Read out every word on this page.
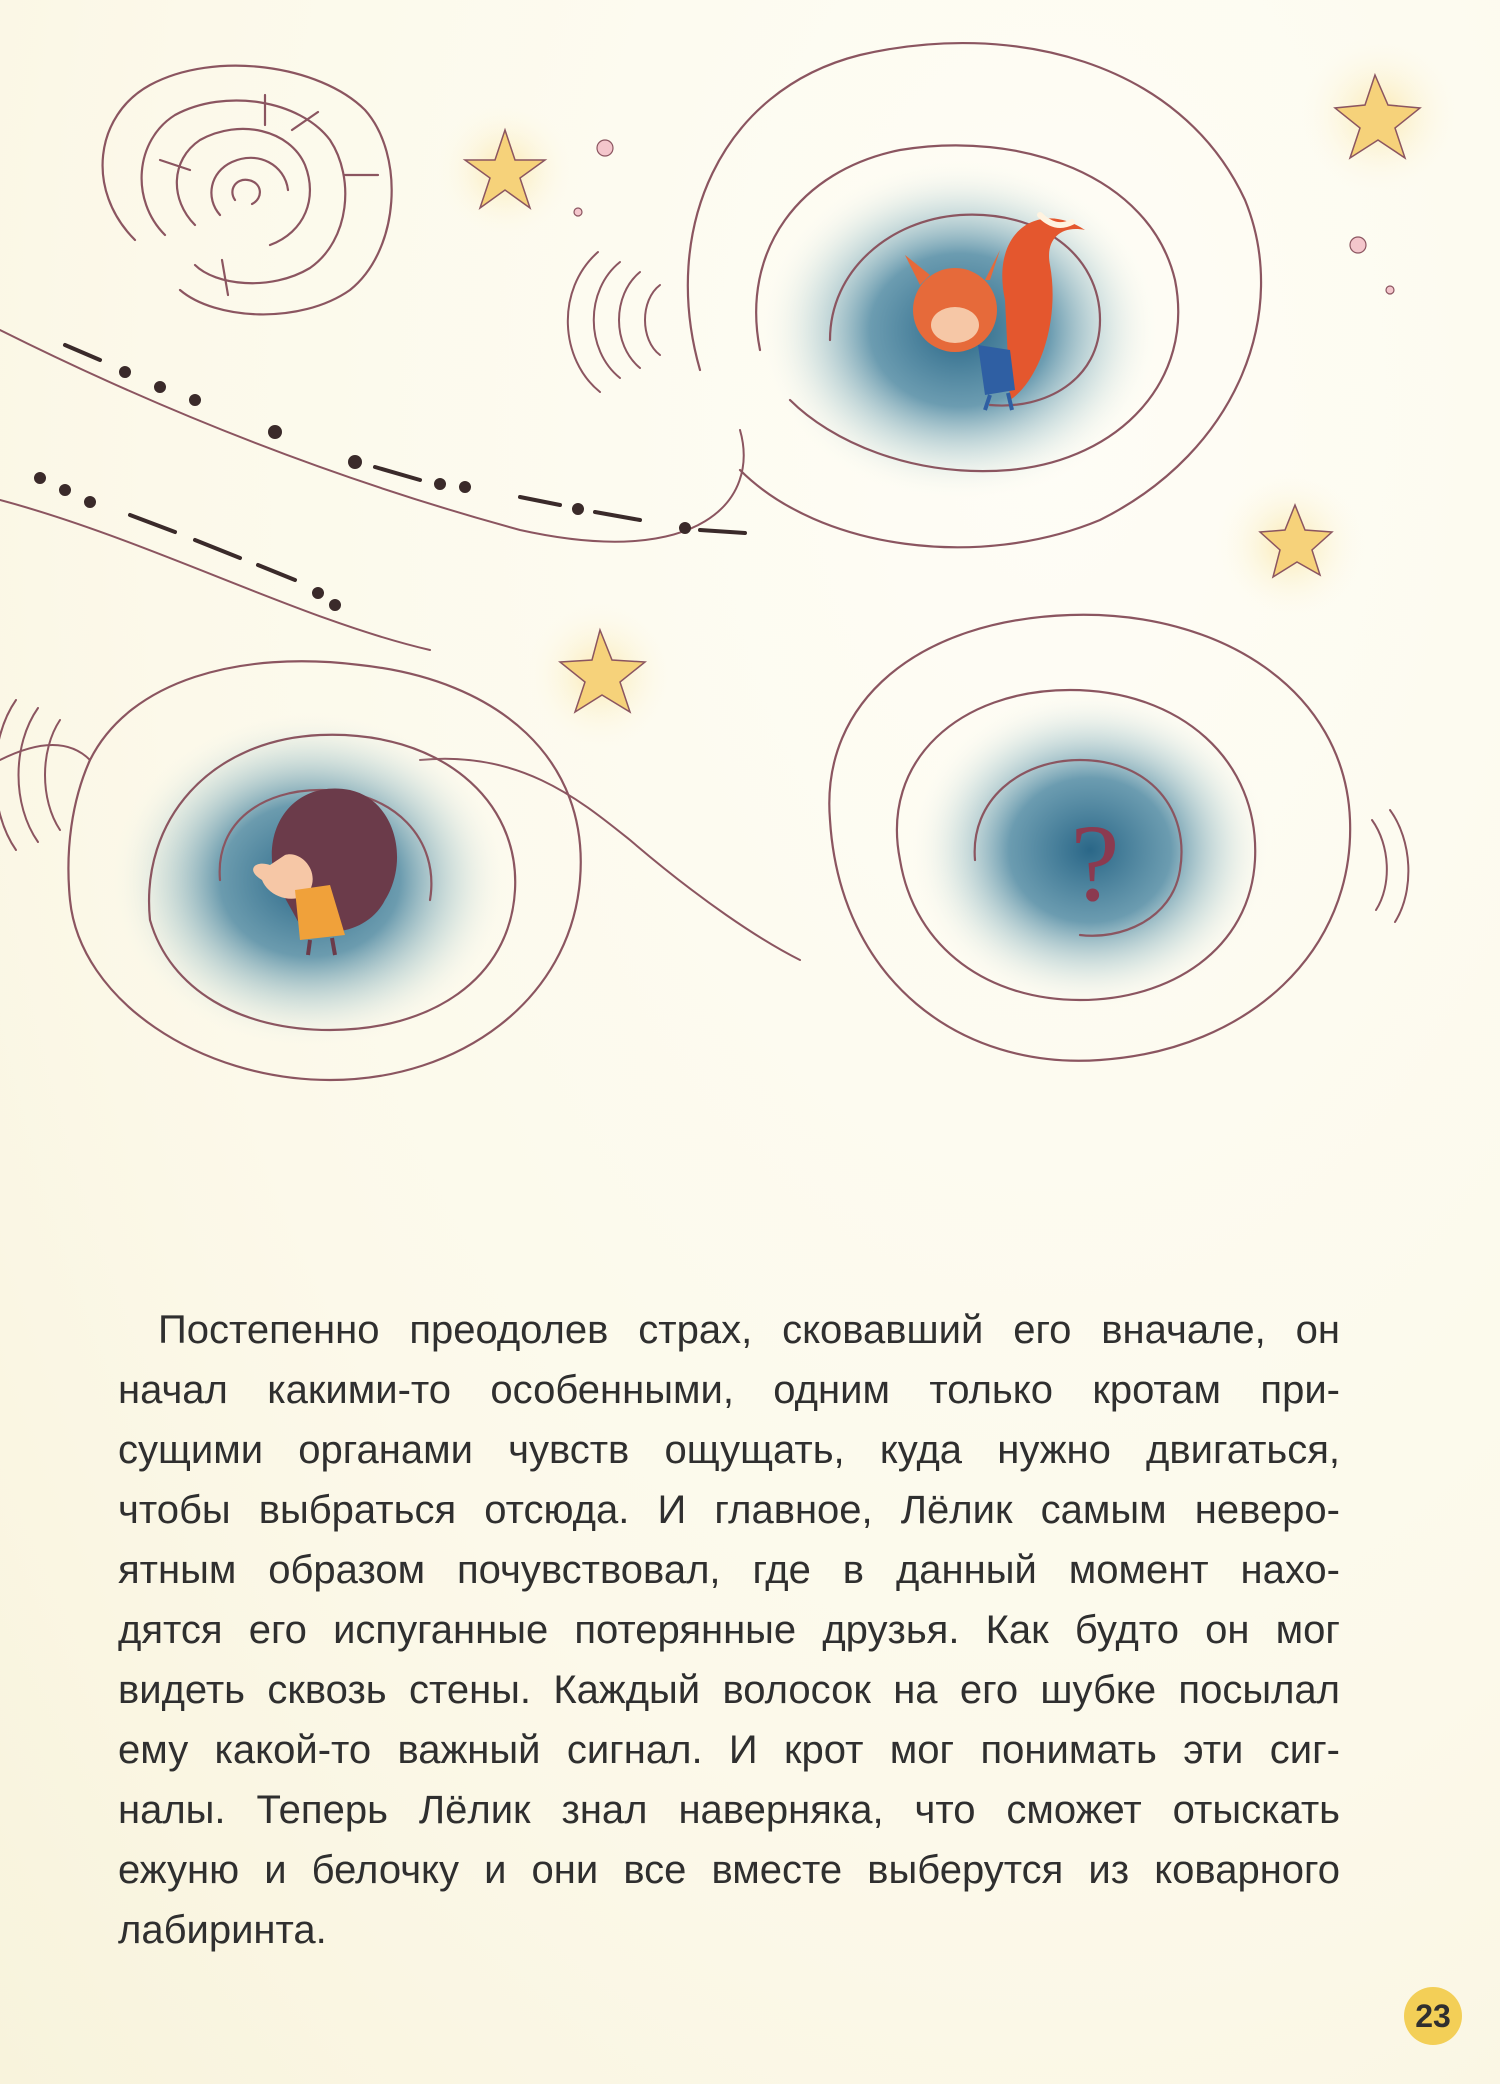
?

Постепенно преодолев страх, сковавший его вначале, он
начал какими-то особенными, одним только кротам при-
сущими органами чувств ощущать, куда нужно двигаться,
чтобы выбраться отсюда. И главное, Лёлик самым неверо-
ятным образом почувствовал, где в данный момент нахо-
дятся его испуганные потерянные друзья. Как будто он мог
видеть сквозь стены. Каждый волосок на его шубке посылал
ему какой-то важный сигнал. И крот мог понимать эти сиг-
налы. Теперь Лёлик знал наверняка, что сможет отыскать
ежуню и белочку и они все вместе выберутся из коварного
лабиринта.

23
